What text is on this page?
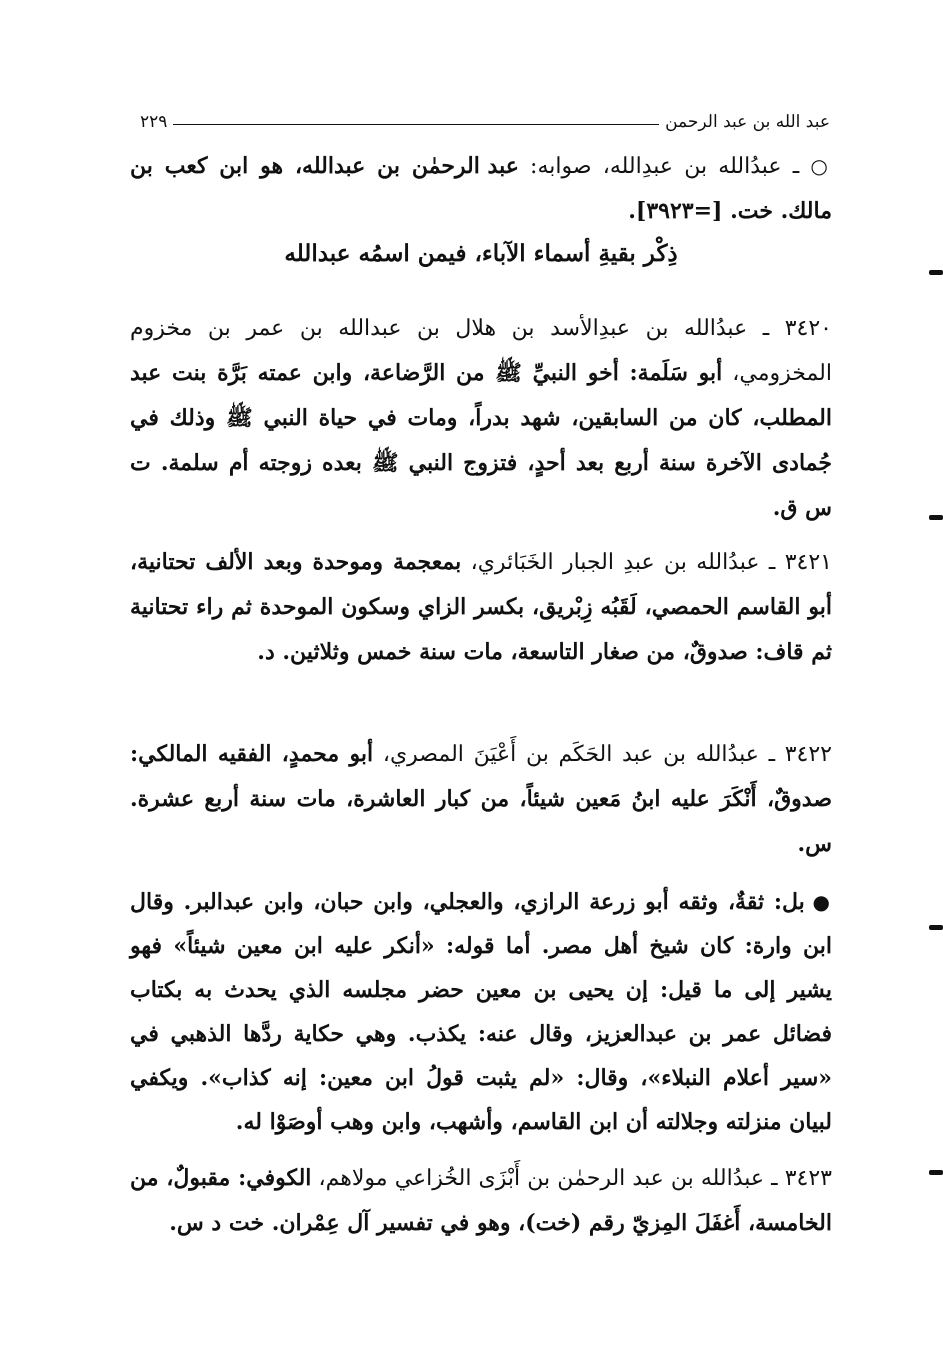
عبد الله بن عبد الرحمن
٢٢٩

○ ـ عبدُالله بن عبدِالله، صوابه: عبد الرحمٰن بن عبدالله، هو ابن كعب بن مالك. خت. [=٣٩٢٣].

ذِكْر بقيةِ أسماء الآباء، فيمن اسمُه عبدالله

٣٤٢٠ ـ عبدُالله بن عبدِالأسد بن هلال بن عبدالله بن عمر بن مخزوم المخزومي، أبو سَلَمة: أخو النبيِّ ﷺ من الرَّضاعة، وابن عمته بَرَّة بنت عبد المطلب، كان من السابقين، شهد بدراً، ومات في حياة النبي ﷺ وذلك في جُمادى الآخرة سنة أربع بعد أحدٍ، فتزوج النبي ﷺ بعده زوجته أم سلمة. ت س ق.

٣٤٢١ ـ عبدُالله بن عبدِ الجبار الخَبَائري، بمعجمة وموحدة وبعد الألف تحتانية، أبو القاسم الحمصي، لَقَبُه زِبْريق، بكسر الزاي وسكون الموحدة ثم راء تحتانية ثم قاف: صدوقٌ، من صغار التاسعة، مات سنة خمس وثلاثين. د.

٣٤٢٢ ـ عبدُالله بن عبد الحَكَم بن أَعْيَنَ المصري، أبو محمدٍ، الفقيه المالكي: صدوقٌ، أَنْكَرَ عليه ابنُ مَعين شيئاً، من كبار العاشرة، مات سنة أربع عشرة. س.

● بل: ثقةٌ، وثقه أبو زرعة الرازي، والعجلي، وابن حبان، وابن عبدالبر. وقال ابن وارة: كان شيخ أهل مصر. أما قوله: «أنكر عليه ابن معين شيئاً» فهو يشير إلى ما قيل: إن يحيى بن معين حضر مجلسه الذي يحدث به بكتاب فضائل عمر بن عبدالعزيز، وقال عنه: يكذب. وهي حكاية ردَّها الذهبي في «سير أعلام النبلاء»، وقال: «لم يثبت قولُ ابن معين: إنه كذاب». ويكفي لبيان منزلته وجلالته أن ابن القاسم، وأشهب، وابن وهب أوصَوْا له.

٣٤٢٣ ـ عبدُالله بن عبد الرحمٰن بن أَبْزَى الخُزاعي مولاهم، الكوفي: مقبولٌ، من الخامسة، أَغفَلَ المِزيّ رقم (خت)، وهو في تفسير آل عِمْران. خت د س.
